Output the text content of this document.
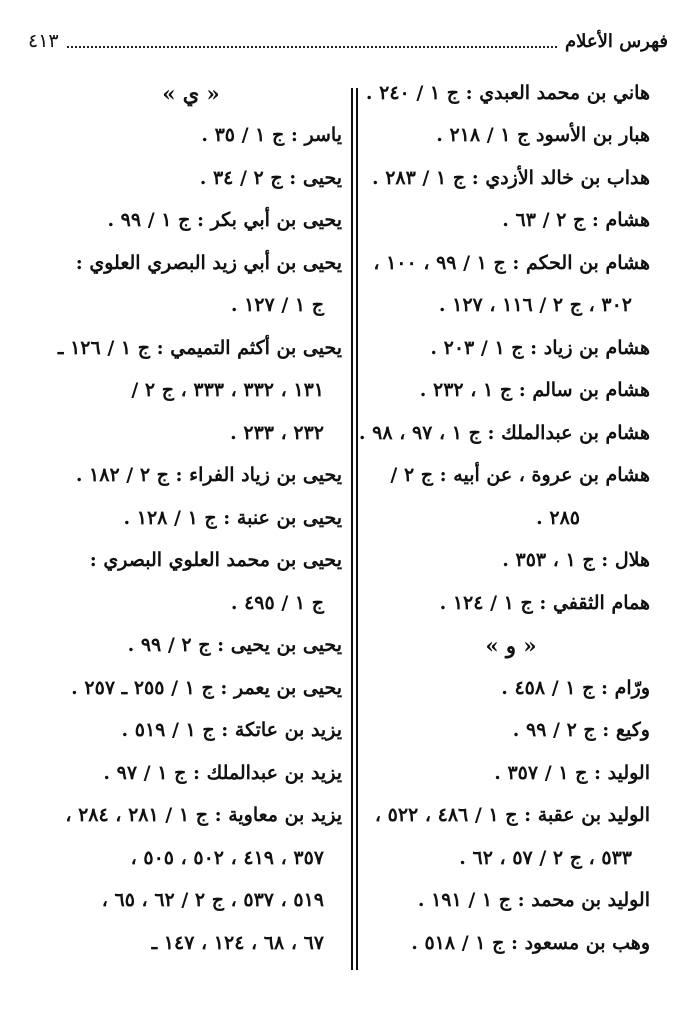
فهرس الأعلام
٤١٣
هاني بن محمد العبدي : ج ١ / ٢٤٠ .
هبار بن الأسود ج ١ / ٢١٨ .
هداب بن خالد الأزدي : ج ١ / ٢٨٣ .
هشام : ج ٢ / ٦٣ .
هشام بن الحكم : ج ١ / ٩٩ ، ١٠٠ ،
٣٠٢ ، ج ٢ / ١١٦ ، ١٢٧ .
هشام بن زياد : ج ١ / ٢٠٣ .
هشام بن سالم : ج ١ ، ٢٣٢ .
هشام بن عبدالملك : ج ١ ، ٩٧ ، ٩٨ .
هشام بن عروة ، عن أبيه : ج ٢ /
٢٨٥ .
هلال : ج ١ ، ٣٥٣ .
همام الثقفي : ج ١ / ١٢٤ .
« و »
ورّام : ج ١ / ٤٥٨ .
وكيع : ج ٢ / ٩٩ .
الوليد : ج ١ / ٣٥٧ .
الوليد بن عقبة : ج ١ / ٤٨٦ ، ٥٢٢ ،
٥٣٣ ، ج ٢ / ٥٧ ، ٦٢ .
الوليد بن محمد : ج ١ / ١٩١ .
وهب بن مسعود : ج ١ / ٥١٨ .
« ي »
ياسر : ج ١ / ٣٥ .
يحيى : ج ٢ / ٣٤ .
يحيى بن أبي بكر : ج ١ / ٩٩ .
يحيى بن أبي زيد البصري العلوي :
ج ١ / ١٢٧ .
يحيى بن أكثم التميمي : ج ١ / ١٢٦ ـ
١٣١ ، ٣٣٢ ، ٣٣٣ ، ج ٢ /
٢٣٢ ، ٢٣٣ .
يحيى بن زياد الفراء : ج ٢ / ١٨٢ .
يحيى بن عنبة : ج ١ / ١٢٨ .
يحيى بن محمد العلوي البصري :
ج ١ / ٤٩٥ .
يحيى بن يحيى : ج ٢ / ٩٩ .
يحيى بن يعمر : ج ١ / ٢٥٥ ـ ٢٥٧ .
يزيد بن عاتكة : ج ١ / ٥١٩ .
يزيد بن عبدالملك : ج ١ / ٩٧ .
يزيد بن معاوية : ج ١ / ٢٨١ ، ٢٨٤ ،
٣٥٧ ، ٤١٩ ، ٥٠٢ ، ٥٠٥ ،
٥١٩ ، ٥٣٧ ، ج ٢ / ٦٢ ، ٦٥ ،
٦٧ ، ٦٨ ، ١٢٤ ، ١٤٧ ـ
